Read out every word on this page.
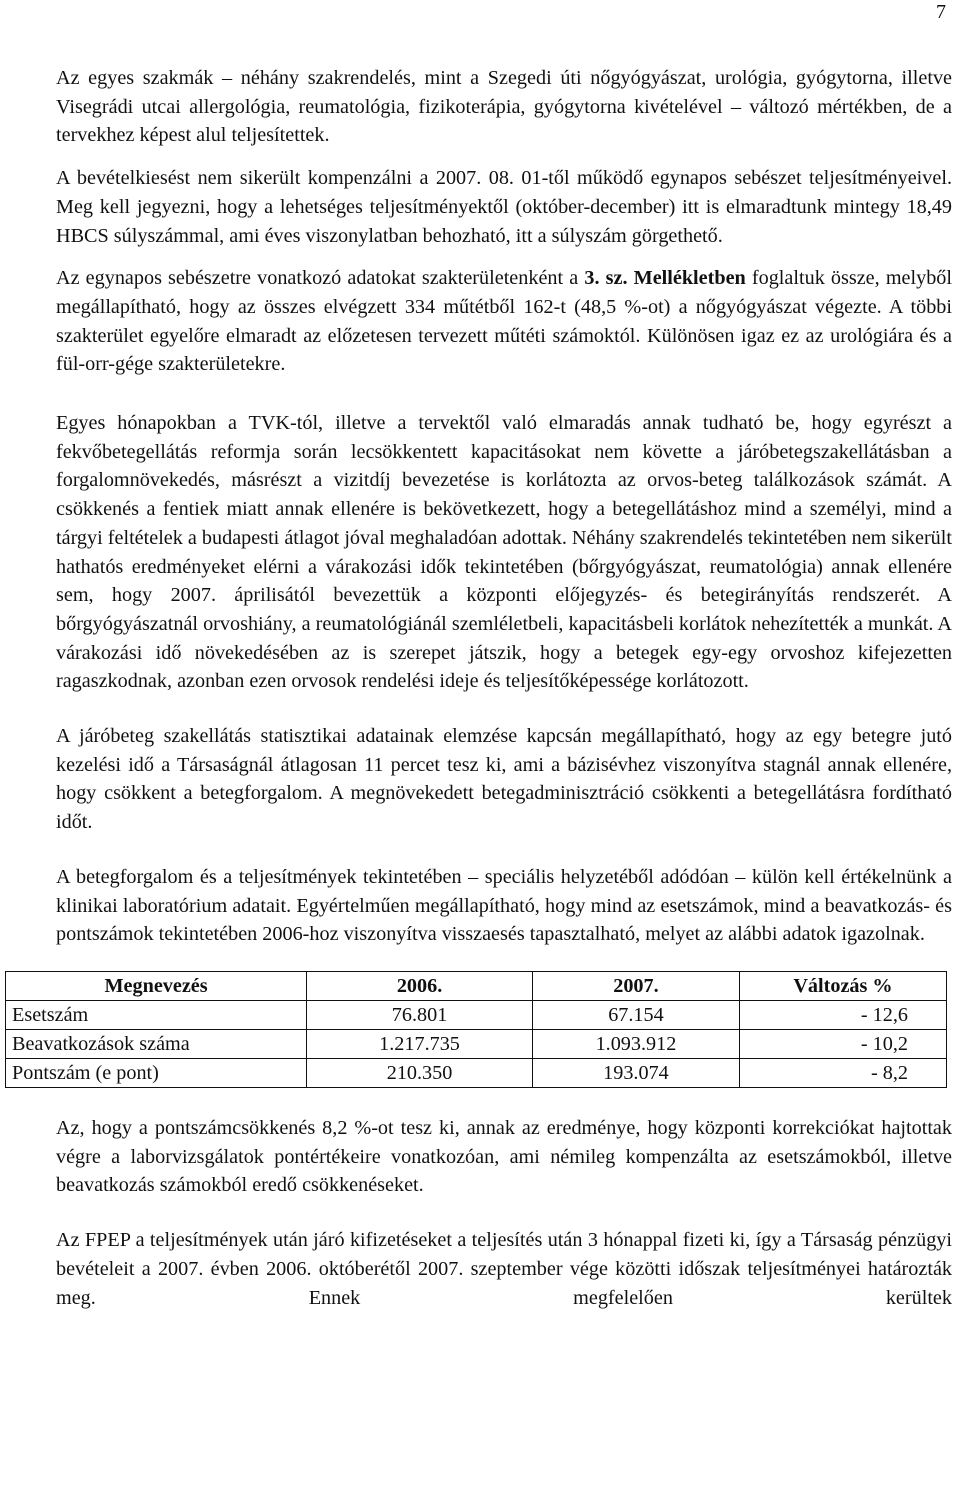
7

Az egyes szakmák – néhány szakrendelés, mint a Szegedi úti nőgyógyászat, urológia, gyógytorna, illetve Visegrádi utcai allergológia, reumatológia, fizikoterápia, gyógytorna kivételével – változó mértékben, de a tervekhez képest alul teljesítettek.

A bevételkiesést nem sikerült kompenzálni a 2007. 08. 01-től működő egynapos sebészet teljesítményeivel. Meg kell jegyezni, hogy a lehetséges teljesítményektől (október-december) itt is elmaradtunk mintegy 18,49 HBCS súlyszámmal, ami éves viszonylatban behozható, itt a súlyszám görgethető.

Az egynapos sebészetre vonatkozó adatokat szakterületenként a 3. sz. Mellékletben foglaltuk össze, melyből megállapítható, hogy az összes elvégzett 334 műtétből 162-t (48,5 %-ot) a nőgyógyászat végezte. A többi szakterület egyelőre elmaradt az előzetesen tervezett műtéti számoktól. Különösen igaz ez az urológiára és a fül-orr-gége szakterületekre.

Egyes hónapokban a TVK-tól, illetve a tervektől való elmaradás annak tudható be, hogy egyrészt a fekvőbetegellátás reformja során lecsökkentett kapacitásokat nem követte a járóbetegszakellátásban a forgalomnövekedés, másrészt a vizitdíj bevezetése is korlátozta az orvos-beteg találkozások számát. A csökkenés a fentiek miatt annak ellenére is bekövetkezett, hogy a betegellátáshoz mind a személyi, mind a tárgyi feltételek a budapesti átlagot jóval meghaladóan adottak. Néhány szakrendelés tekintetében nem sikerült hathatós eredményeket elérni a várakozási idők tekintetében (bőrgyógyászat, reumatológia) annak ellenére sem, hogy 2007. áprilisától bevezettük a központi előjegyzés- és betegirányítás rendszerét. A bőrgyógyászatnál orvoshiány, a reumatológiánál szemléletbeli, kapacitásbeli korlátok nehezítették a munkát. A várakozási idő növekedésében az is szerepet játszik, hogy a betegek egy-egy orvoshoz kifejezetten ragaszkodnak, azonban ezen orvosok rendelési ideje és teljesítőképessége korlátozott.

A járóbeteg szakellátás statisztikai adatainak elemzése kapcsán megállapítható, hogy az egy betegre jutó kezelési idő a Társaságnál átlagosan 11 percet tesz ki, ami a bázisévhez viszonyítva stagnál annak ellenére, hogy csökkent a betegforgalom. A megnövekedett betegadminisztráció csökkenti a betegellátásra fordítható időt.

A betegforgalom és a teljesítmények tekintetében – speciális helyzetéből adódóan – külön kell értékelnünk a klinikai laboratórium adatait. Egyértelműen megállapítható, hogy mind az esetszámok, mind a beavatkozás- és pontszámok tekintetében 2006-hoz viszonyítva visszaesés tapasztalható, melyet az alábbi adatok igazolnak.

Megnevezés	2006.	2007.	Változás %
Esetszám	76.801	67.154	- 12,6
Beavatkozások száma	1.217.735	1.093.912	- 10,2
Pontszám (e pont)	210.350	193.074	- 8,2

Az, hogy a pontszámcsökkenés 8,2 %-ot tesz ki, annak az eredménye, hogy központi korrekciókat hajtottak végre a laborvizsgálatok pontértékeire vonatkozóan, ami némileg kompenzálta az esetszámokból, illetve beavatkozás számokból eredő csökkenéseket.

Az FPEP a teljesítmények után járó kifizetéseket a teljesítés után 3 hónappal fizeti ki, így a Társaság pénzügyi bevételeit a 2007. évben 2006. októberétől 2007. szeptember vége közötti időszak teljesítményei határozták meg. Ennek megfelelően kerültek
